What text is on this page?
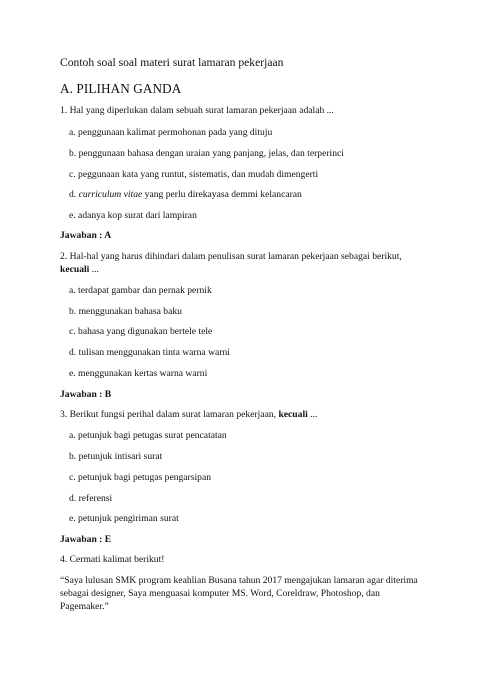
Contoh soal soal materi surat lamaran pekerjaan
A. PILIHAN GANDA
1. Hal yang diperlukan dalam sebuah surat lamaran pekerjaan adalah ...
a. penggunaan kalimat permohonan pada yang dituju
b. penggunaan bahasa dengan uraian yang panjang, jelas, dan terperinci
c. peggunaan kata yang runtut, sistematis, dan mudah dimengerti
d. curriculum vitae yang perlu direkayasa demmi kelancaran
e. adanya kop surat dari lampiran
Jawaban : A
2. Hal-hal yang harus dihindari dalam penulisan surat lamaran pekerjaan sebagai berikut,
kecuali ...
a. terdapat gambar dan pernak pernik
b. menggunakan bahasa baku
c. bahasa yang digunakan bertele tele
d. tulisan menggunakan tinta warna warni
e. menggunakan kertas warna warni
Jawaban : B
3. Berikut fungsi perihal dalam surat lamaran pekerjaan, kecuali ...
a. petunjuk bagi petugas surat pencatatan
b. petunjuk intisari surat
c. petunjuk bagi petugas pengarsipan
d. referensi
e. petunjuk pengiriman surat
Jawaban : E
4. Cermati kalimat berikut!
“Saya lulusan SMK program keahlian Busana tahun 2017 mengajukan lamaran agar diterima
sebagai designer, Saya menguasai komputer MS. Word, Coreldraw, Photoshop, dan
Pagemaker.”
